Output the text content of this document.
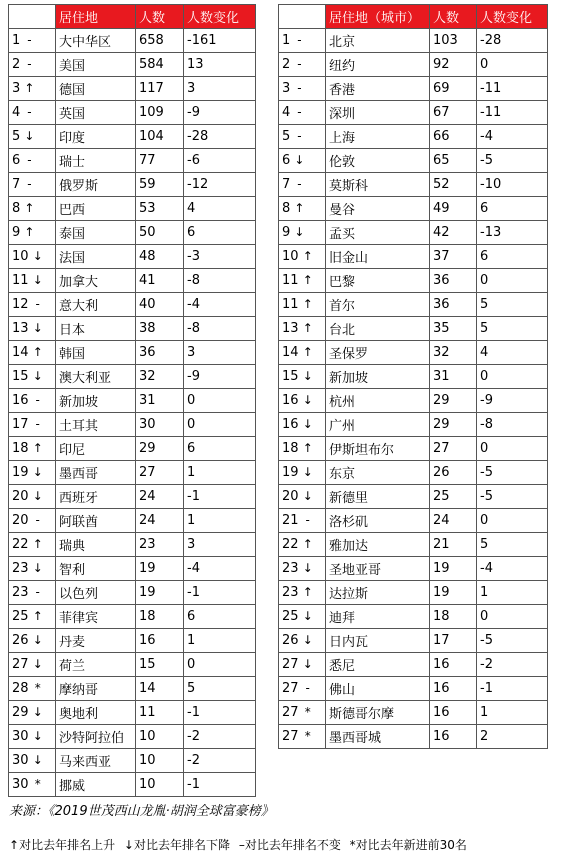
	居住地	人数	人数变化
1 -	大中华区	658	-161
2 -	美国	584	13
3 ↑	德国	117	3
4 -	英国	109	-9
5 ↓	印度	104	-28
6 -	瑞士	77	-6
7 -	俄罗斯	59	-12
8 ↑	巴西	53	4
9 ↑	泰国	50	6
10 ↓	法国	48	-3
11 ↓	加拿大	41	-8
12 -	意大利	40	-4
13 ↓	日本	38	-8
14 ↑	韩国	36	3
15 ↓	澳大利亚	32	-9
16 -	新加坡	31	0
17 -	土耳其	30	0
18 ↑	印尼	29	6
19 ↓	墨西哥	27	1
20 ↓	西班牙	24	-1
20 -	阿联酋	24	1
22 ↑	瑞典	23	3
23 ↓	智利	19	-4
23 -	以色列	19	-1
25 ↑	菲律宾	18	6
26 ↓	丹麦	16	1
27 ↓	荷兰	15	0
28 *	摩纳哥	14	5
29 ↓	奥地利	11	-1
30 ↓	沙特阿拉伯	10	-2
30 ↓	马来西亚	10	-2
30 *	挪威	10	-1
	居住地（城市）	人数	人数变化
1 -	北京	103	-28
2 -	纽约	92	0
3 -	香港	69	-11
4 -	深圳	67	-11
5 -	上海	66	-4
6 ↓	伦敦	65	-5
7 -	莫斯科	52	-10
8 ↑	曼谷	49	6
9 ↓	孟买	42	-13
10 ↑	旧金山	37	6
11 ↑	巴黎	36	0
11 ↑	首尔	36	5
13 ↑	台北	35	5
14 ↑	圣保罗	32	4
15 ↓	新加坡	31	0
16 ↓	杭州	29	-9
16 ↓	广州	29	-8
18 ↑	伊斯坦布尔	27	0
19 ↓	东京	26	-5
20 ↓	新德里	25	-5
21 -	洛杉矶	24	0
22 ↑	雅加达	21	5
23 ↓	圣地亚哥	19	-4
23 ↑	达拉斯	19	1
25 ↓	迪拜	18	0
26 ↓	日内瓦	17	-5
27 ↓	悉尼	16	-2
27 -	佛山	16	-1
27 *	斯德哥尔摩	16	1
27 *	墨西哥城	16	2
来源：《2019世茂西山龙胤·胡润全球富豪榜》
↑对比去年排名上升 ↓对比去年排名下降 –对比去年排名不变 *对比去年新进前30名
